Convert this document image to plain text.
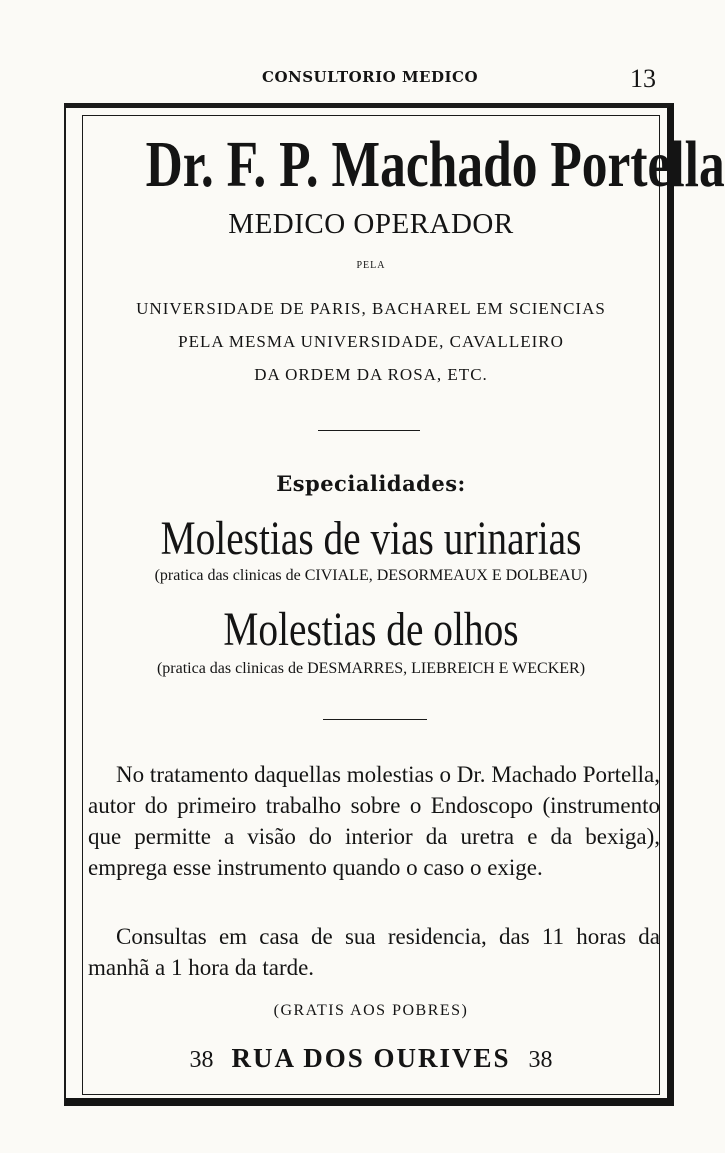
CONSULTORIO MEDICO	13
Dr. F. P. Machado Portella
MEDICO OPERADOR
PELA
UNIVERSIDADE DE PARIS, BACHAREL EM SCIENCIAS
PELA MESMA UNIVERSIDADE, CAVALLEIRO
DA ORDEM DA ROSA, ETC.
Especialidades:
Molestias de vias urinarias
(pratica das clinicas de CIVIALE, DESORMEAUX E DOLBEAU)
Molestias de olhos
(pratica das clinicas de DESMARRES, LIEBREICH E WECKER)
No tratamento daquellas molestias o Dr. Machado Portella, autor do primeiro trabalho sobre o Endoscopo (instrumento que permitte a visão do interior da uretra e da bexiga), emprega esse instrumento quando o caso o exige.
Consultas em casa de sua residencia, das 11 horas da manhã a 1 hora da tarde.
(GRATIS AOS POBRES)
38 RUA DOS OURIVES 38
